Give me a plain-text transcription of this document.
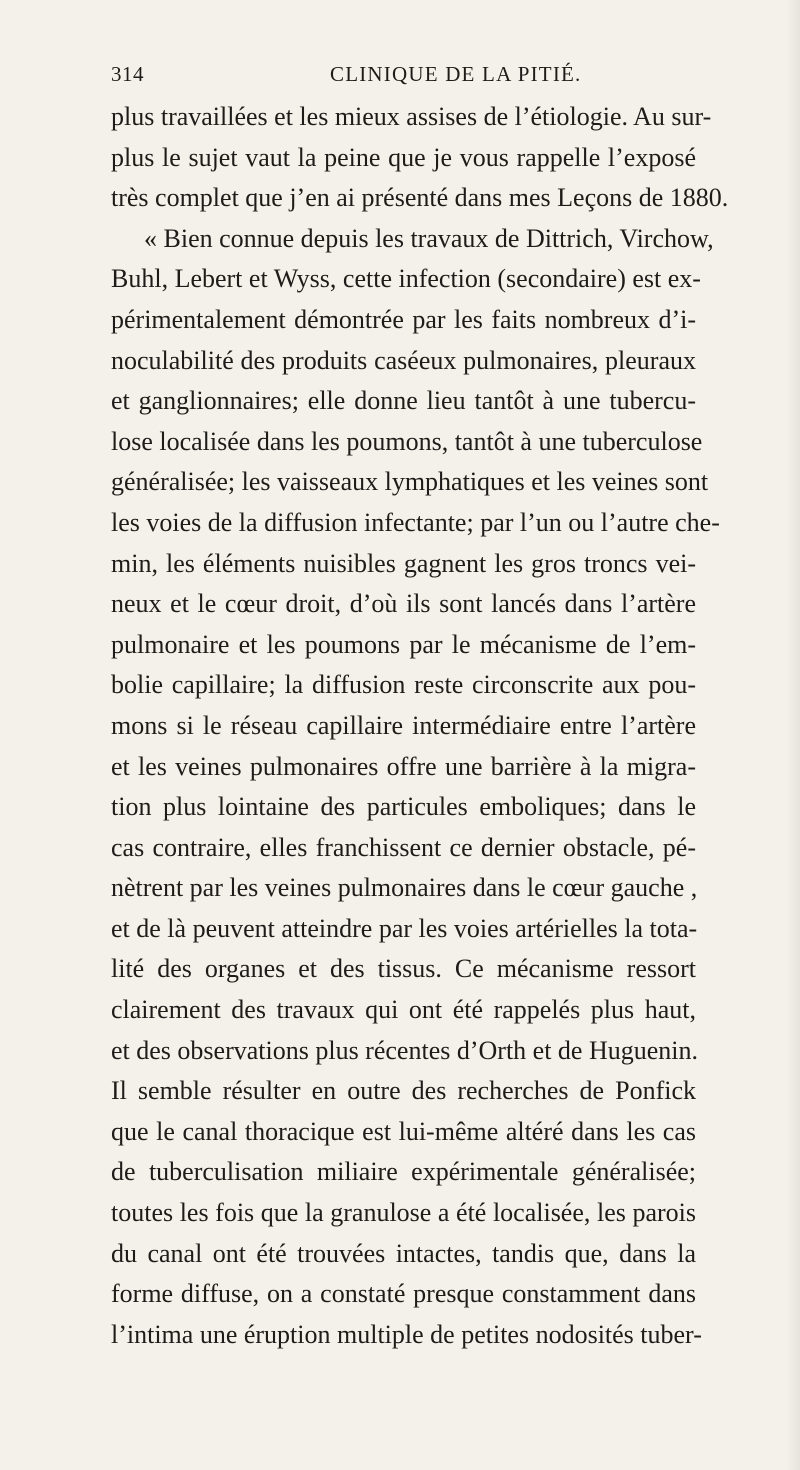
314	CLINIQUE DE LA PITIÉ.
plus travaillées et les mieux assises de l’étiologie. Au sur-
plus le sujet vaut la peine que je vous rappelle l’exposé
très complet que j’en ai présenté dans mes Leçons de 1880.
« Bien connue depuis les travaux de Dittrich, Virchow,
Buhl, Lebert et Wyss, cette infection (secondaire) est ex-
périmentalement démontrée par les faits nombreux d’i-
noculabilité des produits caséeux pulmonaires, pleuraux
et ganglionnaires; elle donne lieu tantôt à une tubercu-
lose localisée dans les poumons, tantôt à une tuberculose
généralisée; les vaisseaux lymphatiques et les veines sont
les voies de la diffusion infectante; par l’un ou l’autre che-
min, les éléments nuisibles gagnent les gros troncs vei-
neux et le cœur droit, d’où ils sont lancés dans l’artère
pulmonaire et les poumons par le mécanisme de l’em-
bolie capillaire; la diffusion reste circonscrite aux pou-
mons si le réseau capillaire intermédiaire entre l’artère
et les veines pulmonaires offre une barrière à la migra-
tion plus lointaine des particules emboliques; dans le
cas contraire, elles franchissent ce dernier obstacle, pé-
nètrent par les veines pulmonaires dans le cœur gauche ,
et de là peuvent atteindre par les voies artérielles la tota-
lité des organes et des tissus. Ce mécanisme ressort
clairement des travaux qui ont été rappelés plus haut,
et des observations plus récentes d’Orth et de Huguenin.
Il semble résulter en outre des recherches de Ponfick
que le canal thoracique est lui-même altéré dans les cas
de tuberculisation miliaire expérimentale généralisée;
toutes les fois que la granulose a été localisée, les parois
du canal ont été trouvées intactes, tandis que, dans la
forme diffuse, on a constaté presque constamment dans
l’intima une éruption multiple de petites nodosités tuber-
